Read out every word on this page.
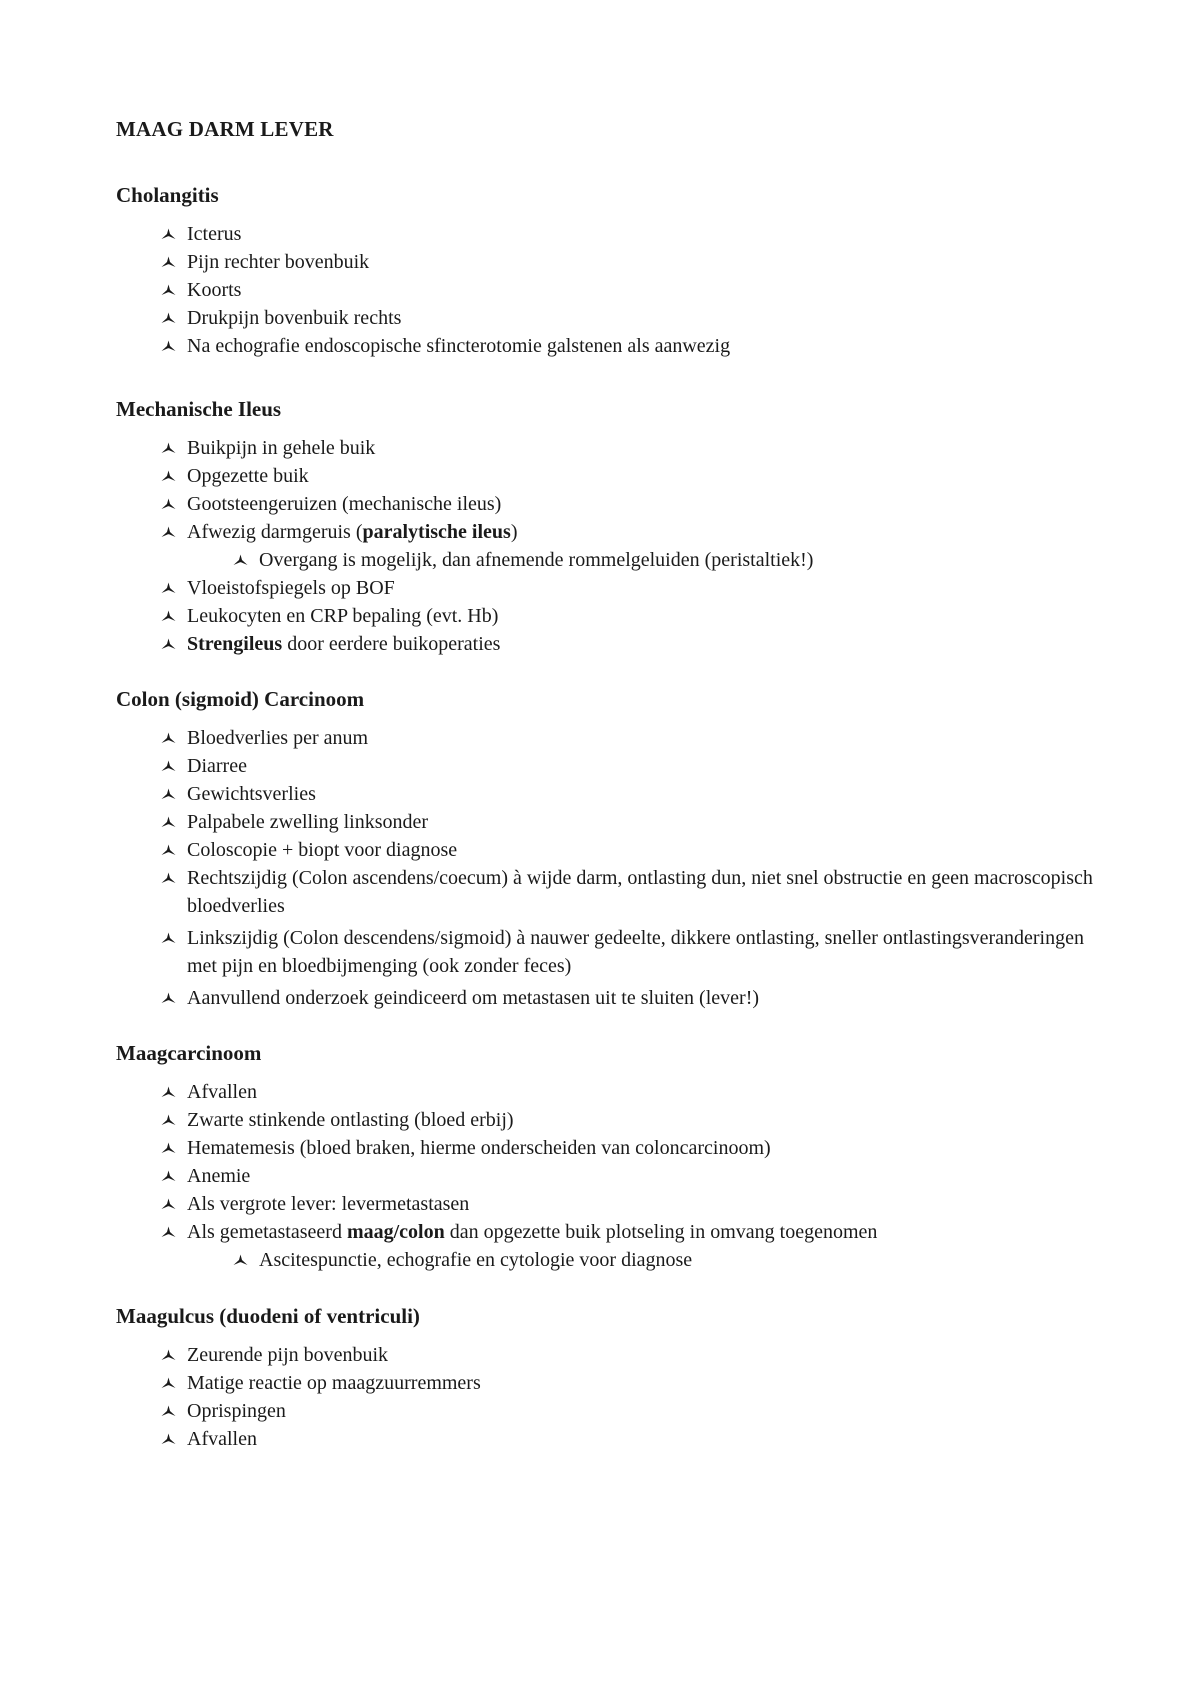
MAAG DARM LEVER
Cholangitis
Icterus
Pijn rechter bovenbuik
Koorts
Drukpijn bovenbuik rechts
Na echografie endoscopische sfincterotomie galstenen als aanwezig
Mechanische Ileus
Buikpijn in gehele buik
Opgezette buik
Gootsteengeruizen (mechanische ileus)
Afwezig darmgeruis (paralytische ileus)
Overgang is mogelijk, dan afnemende rommelgeluiden (peristaltiek!)
Vloeistofspiegels op BOF
Leukocyten en CRP bepaling (evt. Hb)
Strengileus door eerdere buikoperaties
Colon (sigmoid) Carcinoom
Bloedverlies per anum
Diarree
Gewichtsverlies
Palpabele zwelling linksonder
Coloscopie + biopt voor diagnose
Rechtszijdig (Colon ascendens/coecum) à wijde darm, ontlasting dun, niet snel obstructie en geen macroscopisch bloedverlies
Linkszijdig (Colon descendens/sigmoid) à nauwer gedeelte, dikkere ontlasting, sneller ontlastingsveranderingen met pijn en bloedbijmenging (ook zonder feces)
Aanvullend onderzoek geindiceerd om metastasen uit te sluiten (lever!)
Maagcarcinoom
Afvallen
Zwarte stinkende ontlasting (bloed erbij)
Hematemesis (bloed braken, hierme onderscheiden van coloncarcinoom)
Anemie
Als vergrote lever: levermetastasen
Als gemetastaseerd maag/colon dan opgezette buik plotseling in omvang toegenomen
Ascitespunctie, echografie en cytologie voor diagnose
Maagulcus (duodeni of ventriculi)
Zeurende pijn bovenbuik
Matige reactie op maagzuurremmers
Oprispingen
Afvallen
